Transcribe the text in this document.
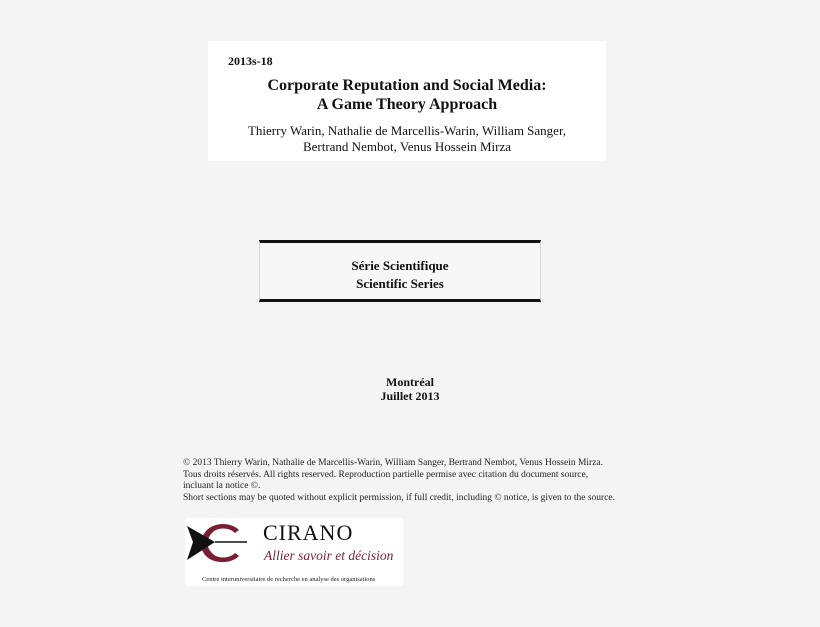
2013s-18
Corporate Reputation and Social Media:
A Game Theory Approach
Thierry Warin, Nathalie de Marcellis-Warin, William Sanger,
Bertrand Nembot, Venus Hossein Mirza
Série Scientifique
Scientific Series
Montréal
Juillet 2013
© 2013 Thierry Warin, Nathalie de Marcellis-Warin, William Sanger, Bertrand Nembot, Venus Hossein Mirza.
Tous droits réservés. All rights reserved. Reproduction partielle permise avec citation du document source,
incluant la notice ©.
Short sections may be quoted without explicit permission, if full credit, including © notice, is given to the source.
CIRANO
Allier savoir et décision
Centre interuniversitaire de recherche en analyse des organisations
